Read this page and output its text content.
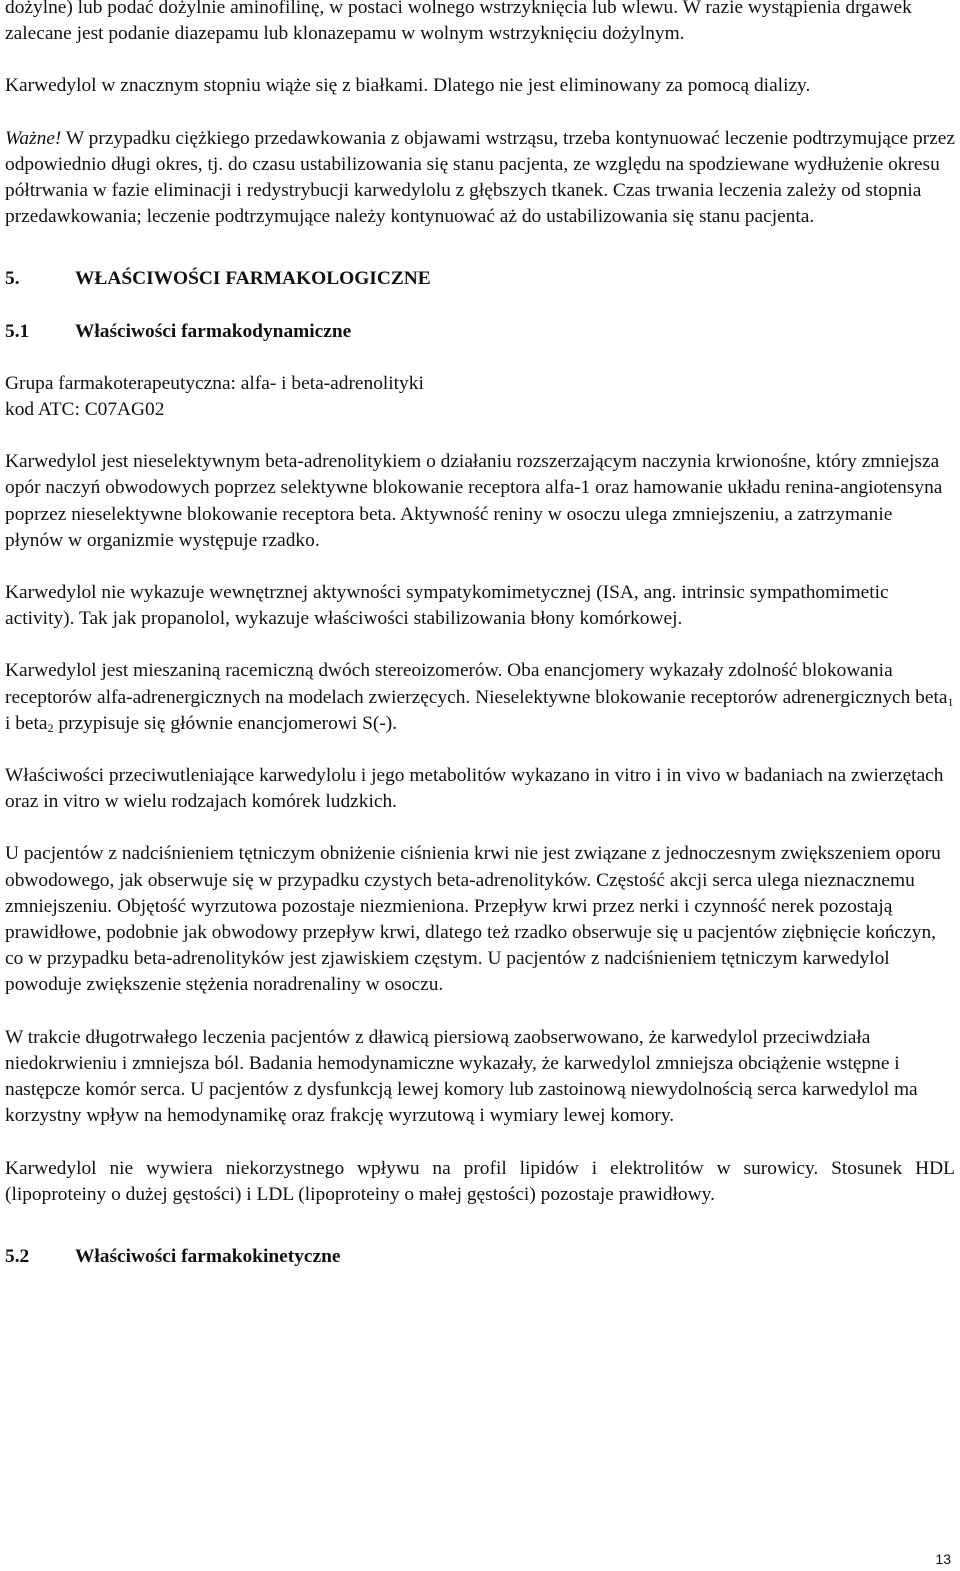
dożylne) lub podać dożylnie aminofilinę, w postaci wolnego wstrzyknięcia lub wlewu. W razie wystąpienia drgawek zalecane jest podanie diazepamu lub klonazepamu w wolnym wstrzyknięciu dożylnym.

Karwedylol w znacznym stopniu wiąże się z białkami. Dlatego nie jest eliminowany za pomocą dializy.

Ważne! W przypadku ciężkiego przedawkowania z objawami wstrząsu, trzeba kontynuować leczenie podtrzymujące przez odpowiednio długi okres, tj. do czasu ustabilizowania się stanu pacjenta, ze względu na spodziewane wydłużenie okresu półtrwania w fazie eliminacji i redystrybucji karwedylolu z głębszych tkanek. Czas trwania leczenia zależy od stopnia przedawkowania; leczenie podtrzymujące należy kontynuować aż do ustabilizowania się stanu pacjenta.

5.	WŁAŚCIWOŚCI FARMAKOLOGICZNE
5.1	Właściwości farmakodynamiczne

Grupa farmakoterapeutyczna: alfa- i beta-adrenolityki

kod ATC: C07AG02

Karwedylol jest nieselektywnym beta-adrenolitykiem o działaniu rozszerzającym naczynia krwionośne, który zmniejsza opór naczyń obwodowych poprzez selektywne blokowanie receptora alfa-1 oraz hamowanie układu renina-angiotensyna poprzez nieselektywne blokowanie receptora beta. Aktywność reniny w osoczu ulega zmniejszeniu, a zatrzymanie płynów w organizmie występuje rzadko.

Karwedylol nie wykazuje wewnętrznej aktywności sympatykomimetycznej (ISA, ang. intrinsic sympathomimetic activity). Tak jak propanolol, wykazuje właściwości stabilizowania błony komórkowej.

Karwedylol jest mieszaniną racemiczną dwóch stereoizomerów. Oba enancjomery wykazały zdolność blokowania receptorów alfa-adrenergicznych na modelach zwierzęcych. Nieselektywne blokowanie receptorów adrenergicznych beta$_1$ i beta$_2$ przypisuje się głównie enancjomerowi S(-).

Właściwości przeciwutleniające karwedylolu i jego metabolitów wykazano in vitro i in vivo w badaniach na zwierzętach oraz in vitro w wielu rodzajach komórek ludzkich.

U pacjentów z nadciśnieniem tętniczym obniżenie ciśnienia krwi nie jest związane z jednoczesnym zwiększeniem oporu obwodowego, jak obserwuje się w przypadku czystych beta-adrenolityków. Częstość akcji serca ulega nieznacznemu zmniejszeniu. Objętość wyrzutowa pozostaje niezmieniona. Przepływ krwi przez nerki i czynność nerek pozostają prawidłowe, podobnie jak obwodowy przepływ krwi, dlatego też rzadko obserwuje się u pacjentów ziębnięcie kończyn, co w przypadku beta-adrenolityków jest zjawiskiem częstym. U pacjentów z nadciśnieniem tętniczym karwedylol powoduje zwiększenie stężenia noradrenaliny w osoczu.

W trakcie długotrwałego leczenia pacjentów z dławicą piersiową zaobserwowano, że karwedylol przeciwdziała niedokrwieniu i zmniejsza ból. Badania hemodynamiczne wykazały, że karwedylol zmniejsza obciążenie wstępne i następcze komór serca. U pacjentów z dysfunkcją lewej komory lub zastoinową niewydolnością serca karwedylol ma korzystny wpływ na hemodynamikę oraz frakcję wyrzutową i wymiary lewej komory.

Karwedylol nie wywiera niekorzystnego wpływu na profil lipidów i elektrolitów w surowicy. Stosunek HDL (lipoproteiny o dużej gęstości) i LDL (lipoproteiny o małej gęstości) pozostaje prawidłowy.

5.2	Właściwości farmakokinetyczne
13
